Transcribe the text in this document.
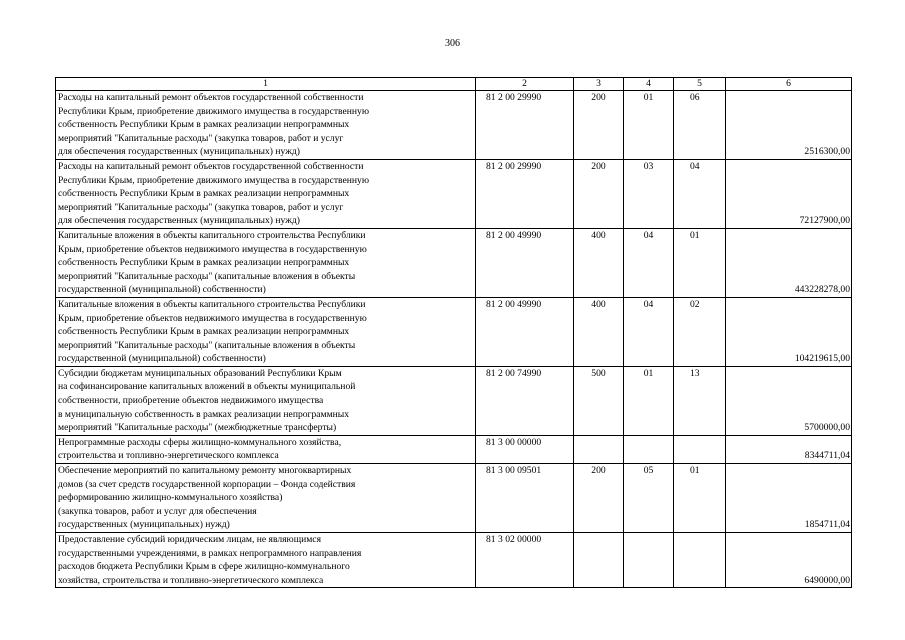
306
1	2	3	4	5	6
Расходы на капитальный ремонт объектов государственной собственности
Республики Крым, приобретение движимого имущества в государственную
собственность Республики Крым в рамках реализации непрограммных
мероприятий "Капитальные расходы" (закупка товаров, работ и услуг
для обеспечения государственных (муниципальных) нужд)	81 2 00 29990	200	01	06	2516300,00
Расходы на капитальный ремонт объектов государственной собственности
Республики Крым, приобретение движимого имущества в государственную
собственность Республики Крым в рамках реализации непрограммных
мероприятий "Капитальные расходы" (закупка товаров, работ и услуг
для обеспечения государственных (муниципальных) нужд)	81 2 00 29990	200	03	04	72127900,00
Капитальные вложения в объекты капитального строительства Республики
Крым, приобретение объектов недвижимого имущества в государственную
собственность Республики Крым в рамках реализации непрограммных
мероприятий "Капитальные расходы" (капитальные вложения в объекты
государственной (муниципальной) собственности)	81 2 00 49990	400	04	01	443228278,00
Капитальные вложения в объекты капитального строительства Республики
Крым, приобретение объектов недвижимого имущества в государственную
собственность Республики Крым в рамках реализации непрограммных
мероприятий "Капитальные расходы" (капитальные вложения в объекты
государственной (муниципальной) собственности)	81 2 00 49990	400	04	02	104219615,00
Субсидии бюджетам муниципальных образований Республики Крым
на софинансирование капитальных вложений в объекты муниципальной
собственности, приобретение объектов недвижимого имущества
в муниципальную собственность в рамках реализации непрограммных
мероприятий "Капитальные расходы" (межбюджетные трансферты)	81 2 00 74990	500	01	13	5700000,00
Непрограммные расходы сферы жилищно-коммунального хозяйства,
строительства и топливно-энергетического комплекса	81 3 00 00000				8344711,04
Обеспечение мероприятий по капитальному ремонту многоквартирных
домов (за счет средств государственной корпорации – Фонда содействия
реформированию жилищно-коммунального хозяйства)
(закупка товаров, работ и услуг для обеспечения
государственных (муниципальных) нужд)	81 3 00 09501	200	05	01	1854711,04
Предоставление субсидий юридическим лицам, не являющимся
государственными учреждениями, в рамках непрограммного направления
расходов бюджета Республики Крым в сфере жилищно-коммунального
хозяйства, строительства и топливно-энергетического комплекса	81 3 02 00000				6490000,00
